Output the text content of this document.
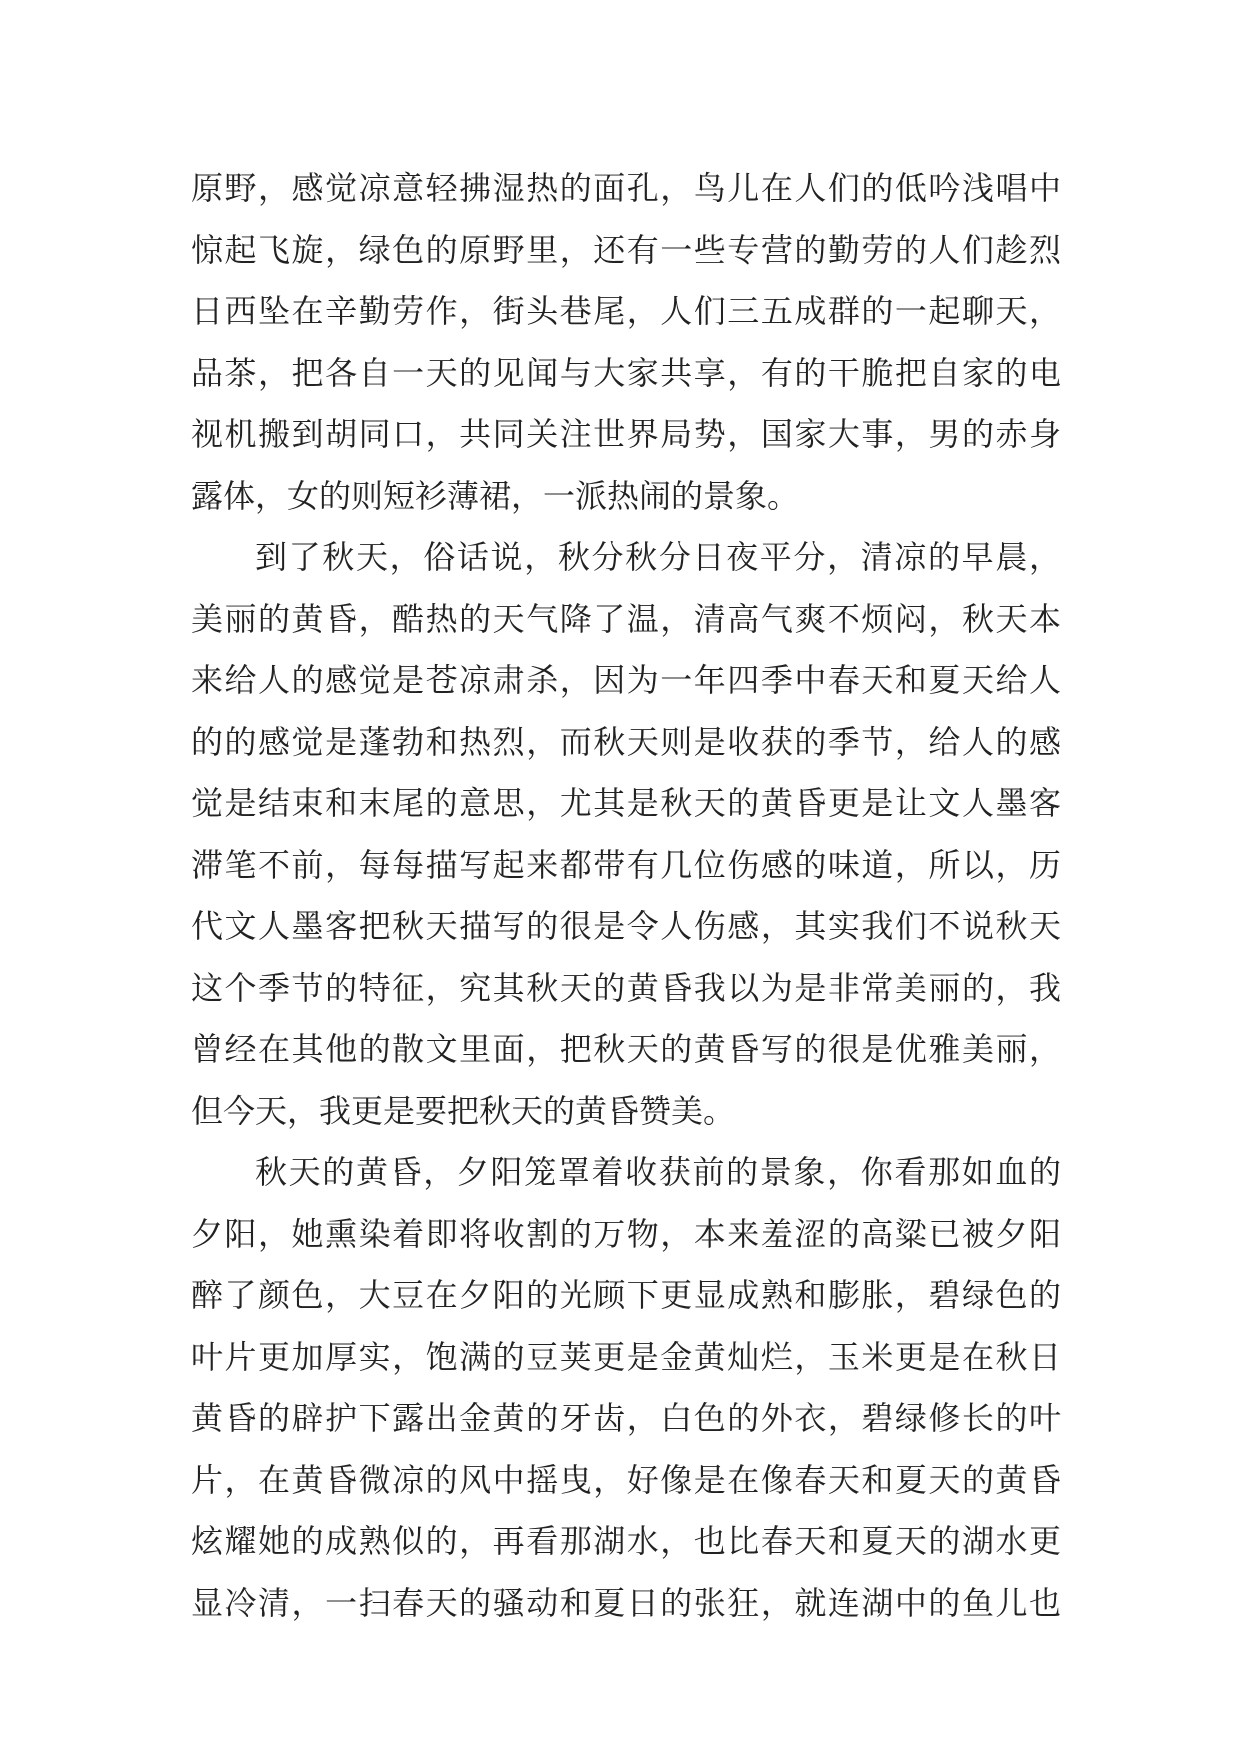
原野，感觉凉意轻拂湿热的面孔，鸟儿在人们的低吟浅唱中
惊起飞旋，绿色的原野里，还有一些专营的勤劳的人们趁烈
日西坠在辛勤劳作，街头巷尾，人们三五成群的一起聊天，
品茶，把各自一天的见闻与大家共享，有的干脆把自家的电
视机搬到胡同口，共同关注世界局势，国家大事，男的赤身
露体，女的则短衫薄裙，一派热闹的景象。
到了秋天，俗话说，秋分秋分日夜平分，清凉的早晨，
美丽的黄昏，酷热的天气降了温，清高气爽不烦闷，秋天本
来给人的感觉是苍凉肃杀，因为一年四季中春天和夏天给人
的的感觉是蓬勃和热烈，而秋天则是收获的季节，给人的感
觉是结束和末尾的意思，尤其是秋天的黄昏更是让文人墨客
滞笔不前，每每描写起来都带有几位伤感的味道，所以，历
代文人墨客把秋天描写的很是令人伤感，其实我们不说秋天
这个季节的特征，究其秋天的黄昏我以为是非常美丽的，我
曾经在其他的散文里面，把秋天的黄昏写的很是优雅美丽，
但今天，我更是要把秋天的黄昏赞美。
秋天的黄昏，夕阳笼罩着收获前的景象，你看那如血的
夕阳，她熏染着即将收割的万物，本来羞涩的高粱已被夕阳
醉了颜色，大豆在夕阳的光顾下更显成熟和膨胀，碧绿色的
叶片更加厚实，饱满的豆荚更是金黄灿烂，玉米更是在秋日
黄昏的辟护下露出金黄的牙齿，白色的外衣，碧绿修长的叶
片，在黄昏微凉的风中摇曳，好像是在像春天和夏天的黄昏
炫耀她的成熟似的，再看那湖水，也比春天和夏天的湖水更
显冷清，一扫春天的骚动和夏日的张狂，就连湖中的鱼儿也
